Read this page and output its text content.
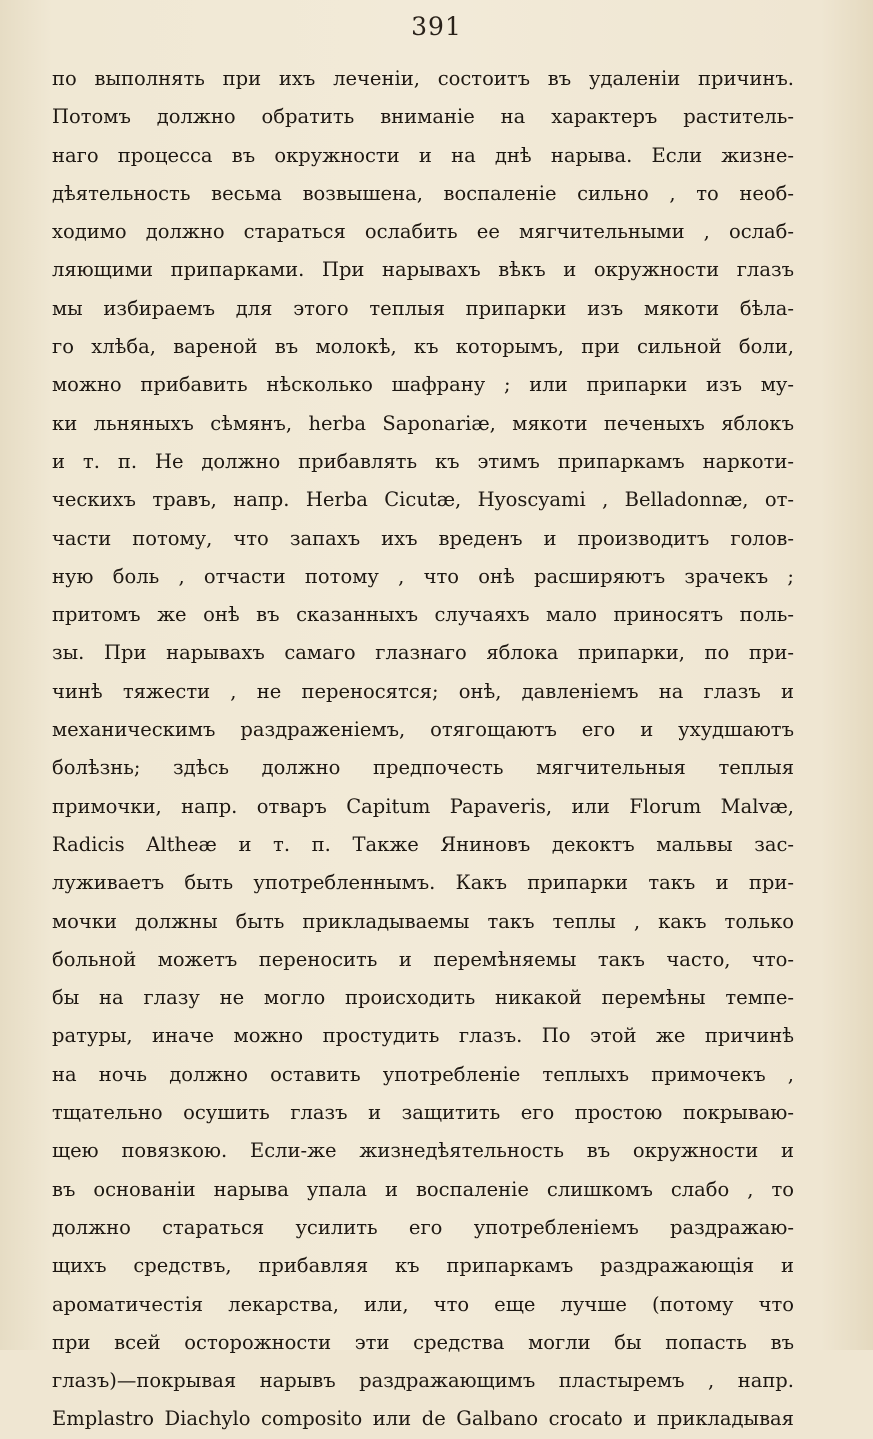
391
по выполнять при ихъ леченіи, состоитъ въ удаленіи причинъ.
Потомъ должно обратить вниманіе на характеръ раститель-
наго процесса въ окружности и на днѣ нарыва. Если жизне-
дѣятельность весьма возвышена, воспаленіе сильно , то необ-
ходимо должно стараться ослабить ее мягчительными , ослаб-
ляющими припарками. При нарывахъ вѣкъ и окружности глазъ
мы избираемъ для этого теплыя припарки изъ мякоти бѣла-
го хлѣба, вареной въ молокѣ, къ которымъ, при сильной боли,
можно прибавить нѣсколько шафрану ; или припарки изъ му-
ки льняныхъ сѣмянъ, herba Saponariæ, мякоти печеныхъ яблокъ
и т. п. Не должно прибавлять къ этимъ припаркамъ наркоти-
ческихъ травъ, напр. Herba Cicutæ, Hyoscyami , Belladonnæ, от-
части потому, что запахъ ихъ вреденъ и производитъ голов-
ную боль , отчасти потому , что онѣ расширяютъ зрачекъ ;
притомъ же онѣ въ сказанныхъ случаяхъ мало приносятъ поль-
зы. При нарывахъ самаго глазнаго яблока припарки, по при-
чинѣ тяжести , не переносятся; онѣ, давленіемъ на глазъ и
механическимъ раздраженіемъ, отягощаютъ его и ухудшаютъ
болѣзнь; здѣсь должно предпочесть мягчительныя теплыя
примочки, напр. отваръ Capitum Papaveris, или Florum Malvæ,
Radicis Altheæ и т. п. Также Яниновъ декоктъ мальвы зас-
луживаетъ быть употребленнымъ. Какъ припарки такъ и при-
мочки должны быть прикладываемы такъ теплы , какъ только
больной можетъ переносить и перемѣняемы такъ часто, что-
бы на глазу не могло происходить никакой перемѣны темпе-
ратуры, иначе можно простудить глазъ. По этой же причинѣ
на ночь должно оставить употребленіе теплыхъ примочекъ ,
тщательно осушить глазъ и защитить его простою покрываю-
щею повязкою. Если-же жизнедѣятельность въ окружности и
въ основаніи нарыва упала и воспаленіе слишкомъ слабо , то
должно стараться усилить его употребленіемъ раздражаю-
щихъ средствъ, прибавляя къ припаркамъ раздражающія и
ароматичестія лекарства, или, что еще лучше (потому что
при всей осторожности эти средства могли бы попасть въ
глазъ)—покрывая нарывъ раздражающимъ пластыремъ , напр.
Emplastro Diachylo composito или de Galbano crocato и прикладывая
